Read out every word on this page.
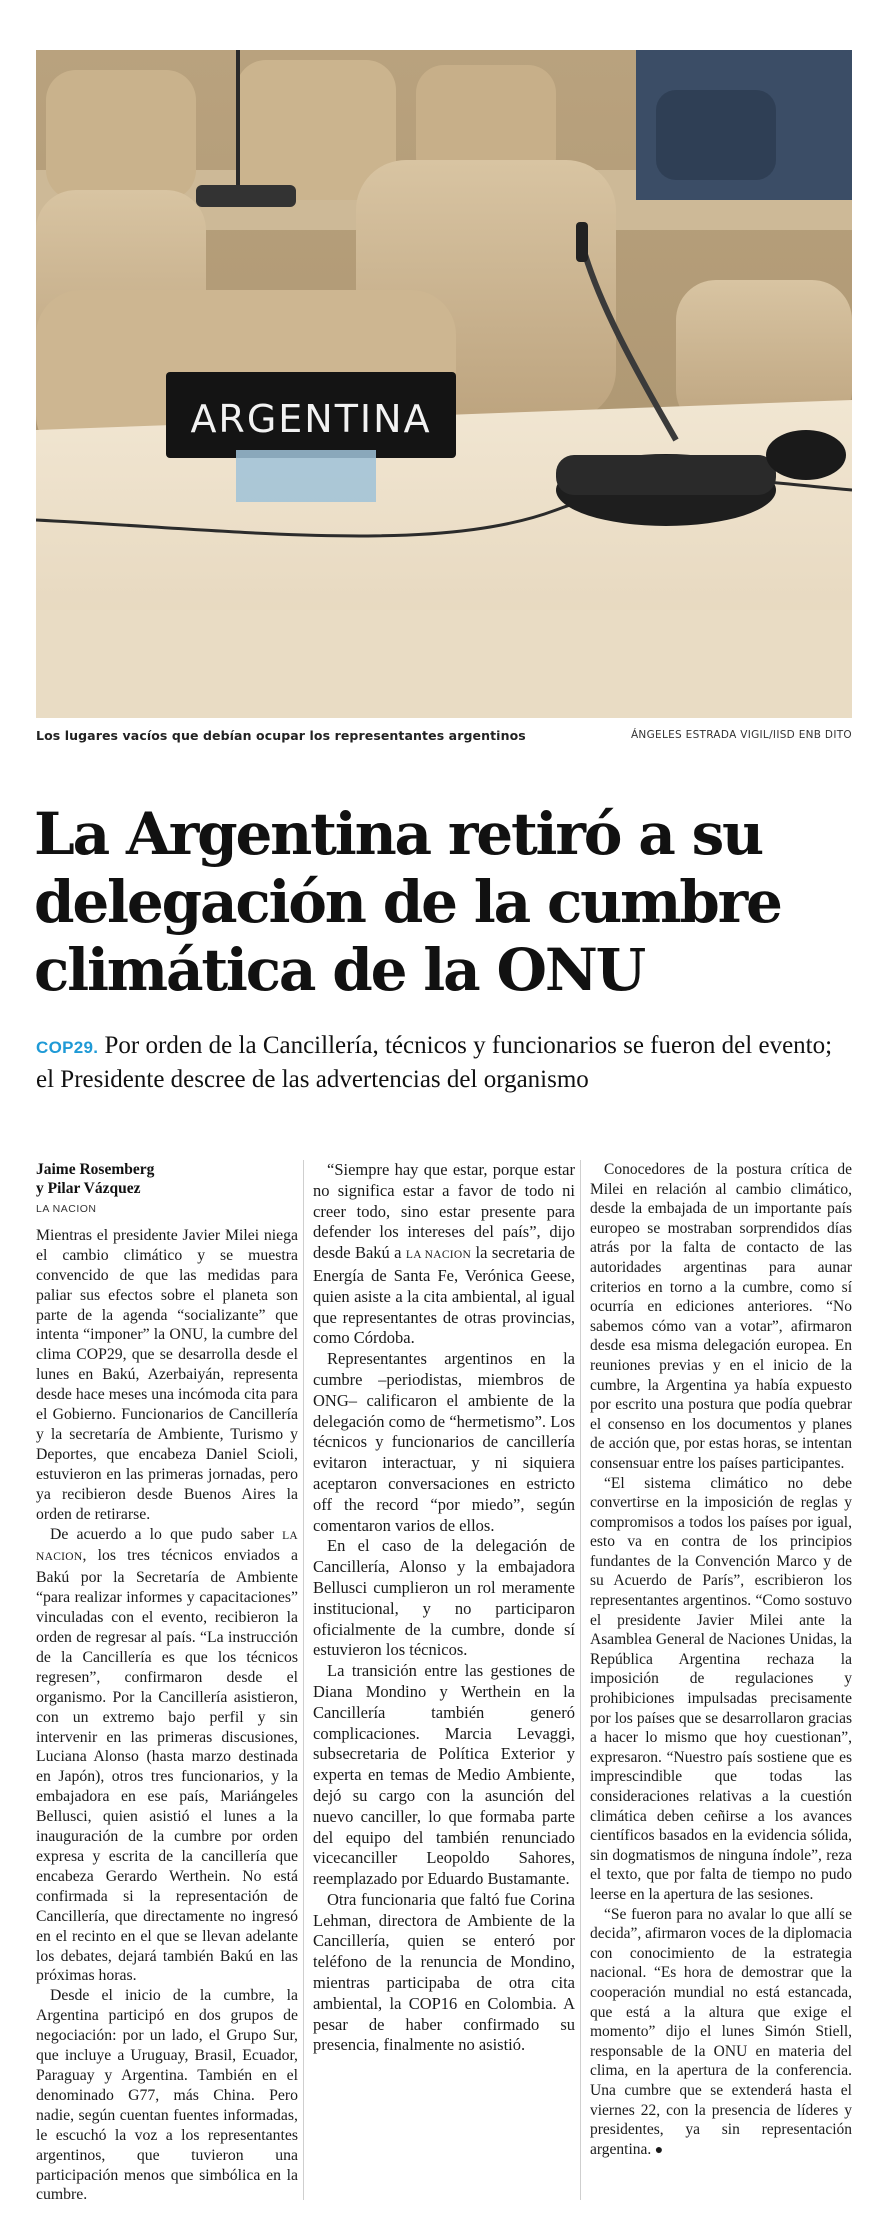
ARGENTINA
Los lugares vacíos que debían ocupar los representantes argentinos	ÁNGELES ESTRADA VIGIL/IISD ENB DITO
La Argentina retiró a su delegación de la cumbre climática de la ONU

COP29. Por orden de la Cancillería, técnicos y funcionarios se fueron del evento; el Presidente descree de las advertencias del organismo

Jaime Rosemberg
y Pilar Vázquez
LA NACION

Mientras el presidente Javier Milei niega el cambio climático y se muestra convencido de que las medidas para paliar sus efectos sobre el planeta son parte de la agenda “socializante” que intenta “imponer” la ONU, la cumbre del clima COP29, que se desarrolla desde el lunes en Bakú, Azerbaiyán, representa desde hace meses una incómoda cita para el Gobierno. Funcionarios de Cancillería y la secretaría de Ambiente, Turismo y Deportes, que encabeza Daniel Scioli, estuvieron en las primeras jornadas, pero ya recibieron desde Buenos Aires la orden de retirarse.

De acuerdo a lo que pudo saber LA NACION, los tres técnicos enviados a Bakú por la Secretaría de Ambiente “para realizar informes y capacitaciones” vinculadas con el evento, recibieron la orden de regresar al país. “La instrucción de la Cancillería es que los técnicos regresen”, confirmaron desde el organismo. Por la Cancillería asistieron, con un extremo bajo perfil y sin intervenir en las primeras discusiones, Luciana Alonso (hasta marzo destinada en Japón), otros tres funcionarios, y la embajadora en ese país, Mariángeles Bellusci, quien asistió el lunes a la inauguración de la cumbre por orden expresa y escrita de la cancillería que encabeza Gerardo Werthein. No está confirmada si la representación de Cancillería, que directamente no ingresó en el recinto en el que se llevan adelante los debates, dejará también Bakú en las próximas horas.

Desde el inicio de la cumbre, la Argentina participó en dos grupos de negociación: por un lado, el Grupo Sur, que incluye a Uruguay, Brasil, Ecuador, Paraguay y Argentina. También en el denominado G77, más China. Pero nadie, según cuentan fuentes informadas, le escuchó la voz a los representantes argentinos, que tuvieron una participación menos que simbólica en la cumbre.

“Siempre hay que estar, porque estar no significa estar a favor de todo ni creer todo, sino estar presente para defender los intereses del país”, dijo desde Bakú a LA NACION la secretaria de Energía de Santa Fe, Verónica Geese, quien asiste a la cita ambiental, al igual que representantes de otras provincias, como Córdoba.

Representantes argentinos en la cumbre –periodistas, miembros de ONG– calificaron el ambiente de la delegación como de “hermetismo”. Los técnicos y funcionarios de cancillería evitaron interactuar, y ni siquiera aceptaron conversaciones en estricto off the record “por miedo”, según comentaron varios de ellos.

En el caso de la delegación de Cancillería, Alonso y la embajadora Bellusci cumplieron un rol meramente institucional, y no participaron oficialmente de la cumbre, donde sí estuvieron los técnicos.

La transición entre las gestiones de Diana Mondino y Werthein en la Cancillería también generó complicaciones. Marcia Levaggi, subsecretaria de Política Exterior y experta en temas de Medio Ambiente, dejó su cargo con la asunción del nuevo canciller, lo que formaba parte del equipo del también renunciado vicecanciller Leopoldo Sahores, reemplazado por Eduardo Bustamante.

Otra funcionaria que faltó fue Corina Lehman, directora de Ambiente de la Cancillería, quien se enteró por teléfono de la renuncia de Mondino, mientras participaba de otra cita ambiental, la COP16 en Colombia. A pesar de haber confirmado su presencia, finalmente no asistió.

Conocedores de la postura crítica de Milei en relación al cambio climático, desde la embajada de un importante país europeo se mostraban sorprendidos días atrás por la falta de contacto de las autoridades argentinas para aunar criterios en torno a la cumbre, como sí ocurría en ediciones anteriores. “No sabemos cómo van a votar”, afirmaron desde esa misma delegación europea. En reuniones previas y en el inicio de la cumbre, la Argentina ya había expuesto por escrito una postura que podía quebrar el consenso en los documentos y planes de acción que, por estas horas, se intentan consensuar entre los países participantes.

“El sistema climático no debe convertirse en la imposición de reglas y compromisos a todos los países por igual, esto va en contra de los principios fundantes de la Convención Marco y de su Acuerdo de París”, escribieron los representantes argentinos. “Como sostuvo el presidente Javier Milei ante la Asamblea General de Naciones Unidas, la República Argentina rechaza la imposición de regulaciones y prohibiciones impulsadas precisamente por los países que se desarrollaron gracias a hacer lo mismo que hoy cuestionan”, expresaron. “Nuestro país sostiene que es imprescindible que todas las consideraciones relativas a la cuestión climática deben ceñirse a los avances científicos basados en la evidencia sólida, sin dogmatismos de ninguna índole”, reza el texto, que por falta de tiempo no pudo leerse en la apertura de las sesiones.

“Se fueron para no avalar lo que allí se decida”, afirmaron voces de la diplomacia con conocimiento de la estrategia nacional. “Es hora de demostrar que la cooperación mundial no está estancada, que está a la altura que exige el momento” dijo el lunes Simón Stiell, responsable de la ONU en materia del clima, en la apertura de la conferencia. Una cumbre que se extenderá hasta el viernes 22, con la presencia de líderes y presidentes, ya sin representación argentina. ●
